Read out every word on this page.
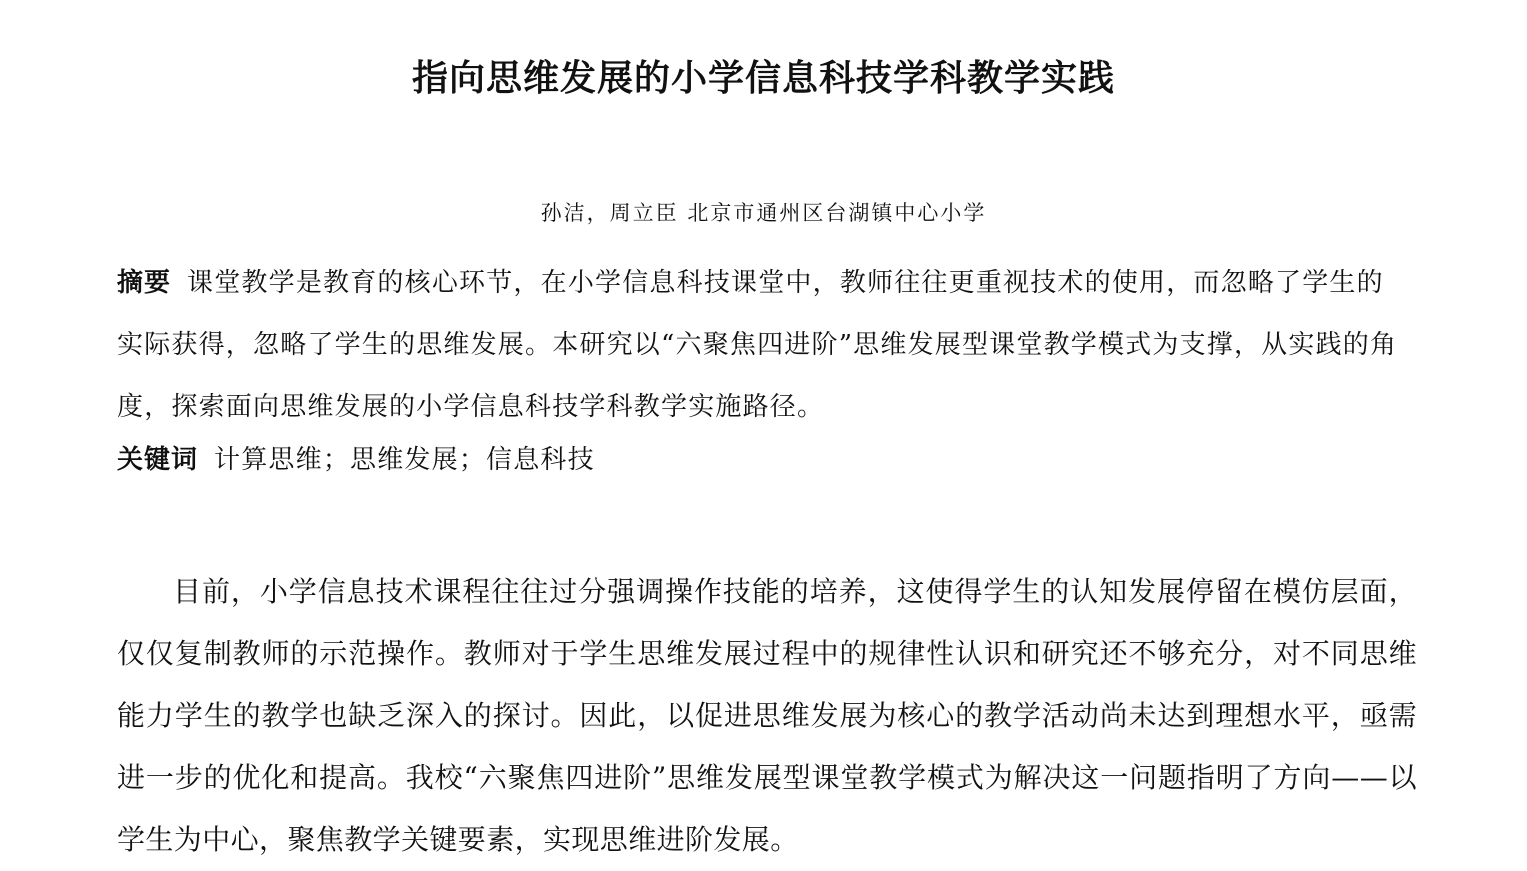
指向思维发展的小学信息科技学科教学实践
孙洁，周立臣 北京市通州区台湖镇中心小学

摘要 课堂教学是教育的核心环节，在小学信息科技课堂中，教师往往更重视技术的使用，而忽略了学生的实际获得，忽略了学生的思维发展。本研究以“六聚焦四进阶”思维发展型课堂教学模式为支撑，从实践的角度，探索面向思维发展的小学信息科技学科教学实施路径。

关键词 计算思维；思维发展；信息科技

目前，小学信息技术课程往往过分强调操作技能的培养，这使得学生的认知发展停留在模仿层面，仅仅复制教师的示范操作。教师对于学生思维发展过程中的规律性认识和研究还不够充分，对不同思维能力学生的教学也缺乏深入的探讨。因此，以促进思维发展为核心的教学活动尚未达到理想水平，亟需进一步的优化和提高。我校“六聚焦四进阶”思维发展型课堂教学模式为解决这一问题指明了方向——以学生为中心，聚焦教学关键要素，实现思维进阶发展。
